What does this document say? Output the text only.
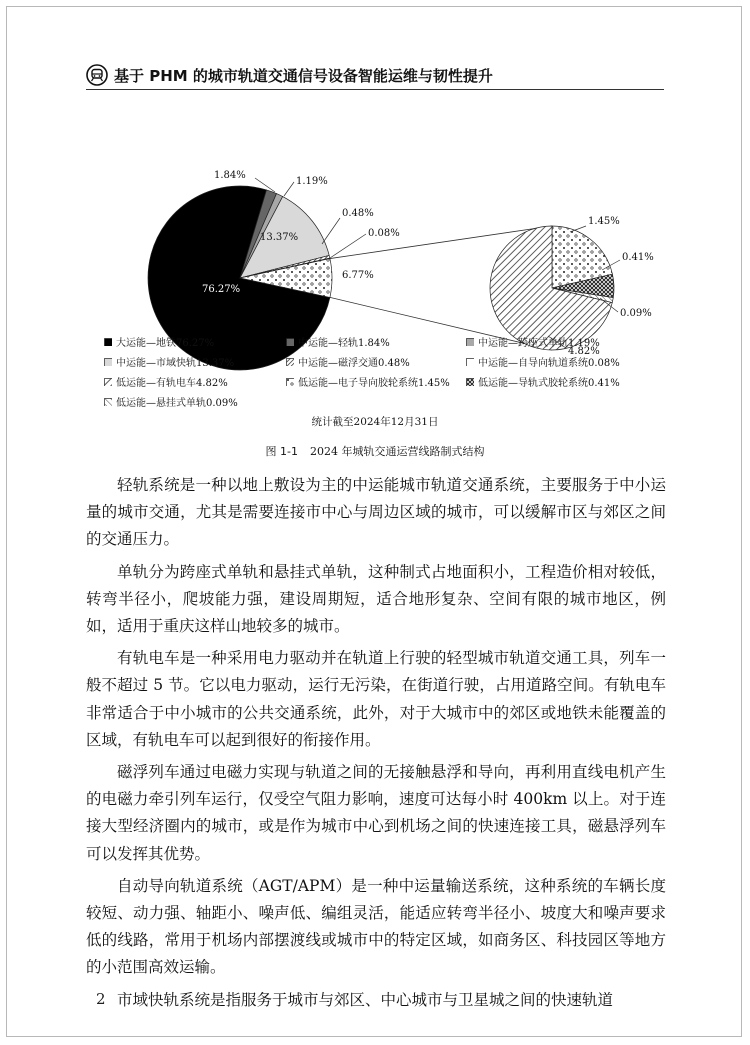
基于 PHM 的城市轨道交通信号设备智能运维与韧性提升
6.77%
76.27%
1.84%
1.19%
13.37%
0.48%
0.08%
4.82%
1.45%
0.41%
0.09%
大运能—地铁76.27%	中运能—轻轨1.84%	中运能—跨座式单轨1.19%
中运能—市域快轨13.37%	中运能—磁浮交通0.48%	中运能—自导向轨道系统0.08%
低运能—有轨电车4.82%	低运能—电子导向胶轮系统1.45%	低运能—导轨式胶轮系统0.41%
低运能—悬挂式单轨0.09%
统计截至2024年12月31日
图 1-1 2024 年城轨交通运营线路制式结构

轻轨系统是一种以地上敷设为主的中运能城市轨道交通系统，主要服务于中小运量的城市交通，尤其是需要连接市中心与周边区域的城市，可以缓解市区与郊区之间的交通压力。

单轨分为跨座式单轨和悬挂式单轨，这种制式占地面积小，工程造价相对较低，转弯半径小，爬坡能力强，建设周期短，适合地形复杂、空间有限的城市地区，例如，适用于重庆这样山地较多的城市。

有轨电车是一种采用电力驱动并在轨道上行驶的轻型城市轨道交通工具，列车一般不超过 5 节。它以电力驱动，运行无污染，在街道行驶，占用道路空间。有轨电车非常适合于中小城市的公共交通系统，此外，对于大城市中的郊区或地铁未能覆盖的区域，有轨电车可以起到很好的衔接作用。

磁浮列车通过电磁力实现与轨道之间的无接触悬浮和导向，再利用直线电机产生的电磁力牵引列车运行，仅受空气阻力影响，速度可达每小时 400km 以上。对于连接大型经济圈内的城市，或是作为城市中心到机场之间的快速连接工具，磁悬浮列车可以发挥其优势。

自动导向轨道系统（AGT/APM）是一种中运量输送系统，这种系统的车辆长度较短、动力强、轴距小、噪声低、编组灵活，能适应转弯半径小、坡度大和噪声要求低的线路，常用于机场内部摆渡线或城市中的特定区域，如商务区、科技园区等地方的小范围高效运输。

市域快轨系统是指服务于城市与郊区、中心城市与卫星城之间的快速轨道

2
